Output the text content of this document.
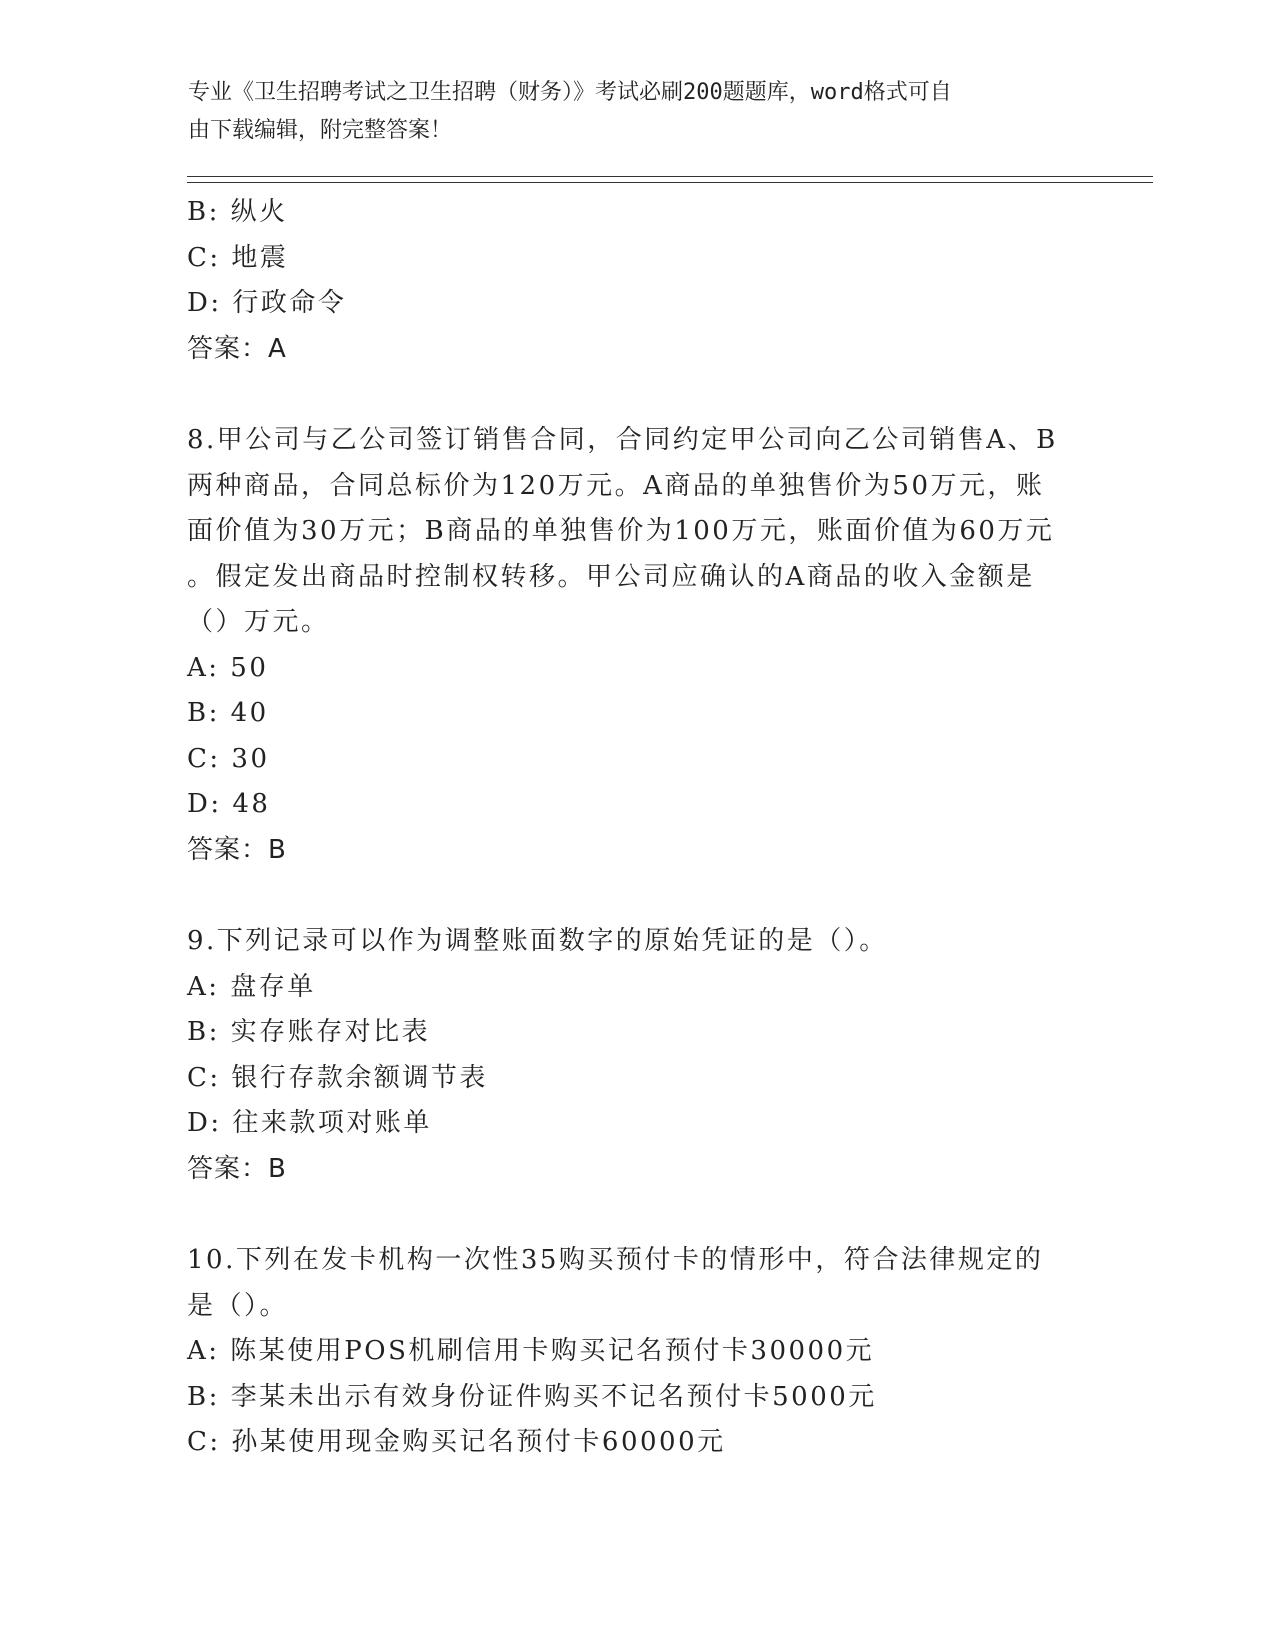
专业《卫生招聘考试之卫生招聘（财务）》考试必刷200题题库，word格式可自
由下载编辑，附完整答案！
B: 纵火
C: 地震
D: 行政命令
答案：A
8.甲公司与乙公司签订销售合同，合同约定甲公司向乙公司销售A、B
两种商品，合同总标价为120万元。A商品的单独售价为50万元，账
面价值为30万元；B商品的单独售价为100万元，账面价值为60万元
。假定发出商品时控制权转移。甲公司应确认的A商品的收入金额是
（）万元。
A: 50
B: 40
C: 30
D: 48
答案：B
9.下列记录可以作为调整账面数字的原始凭证的是（）。
A: 盘存单
B: 实存账存对比表
C: 银行存款余额调节表
D: 往来款项对账单
答案：B
10.下列在发卡机构一次性35购买预付卡的情形中，符合法律规定的
是（）。
A: 陈某使用POS机刷信用卡购买记名预付卡30000元
B: 李某未出示有效身份证件购买不记名预付卡5000元
C: 孙某使用现金购买记名预付卡60000元
